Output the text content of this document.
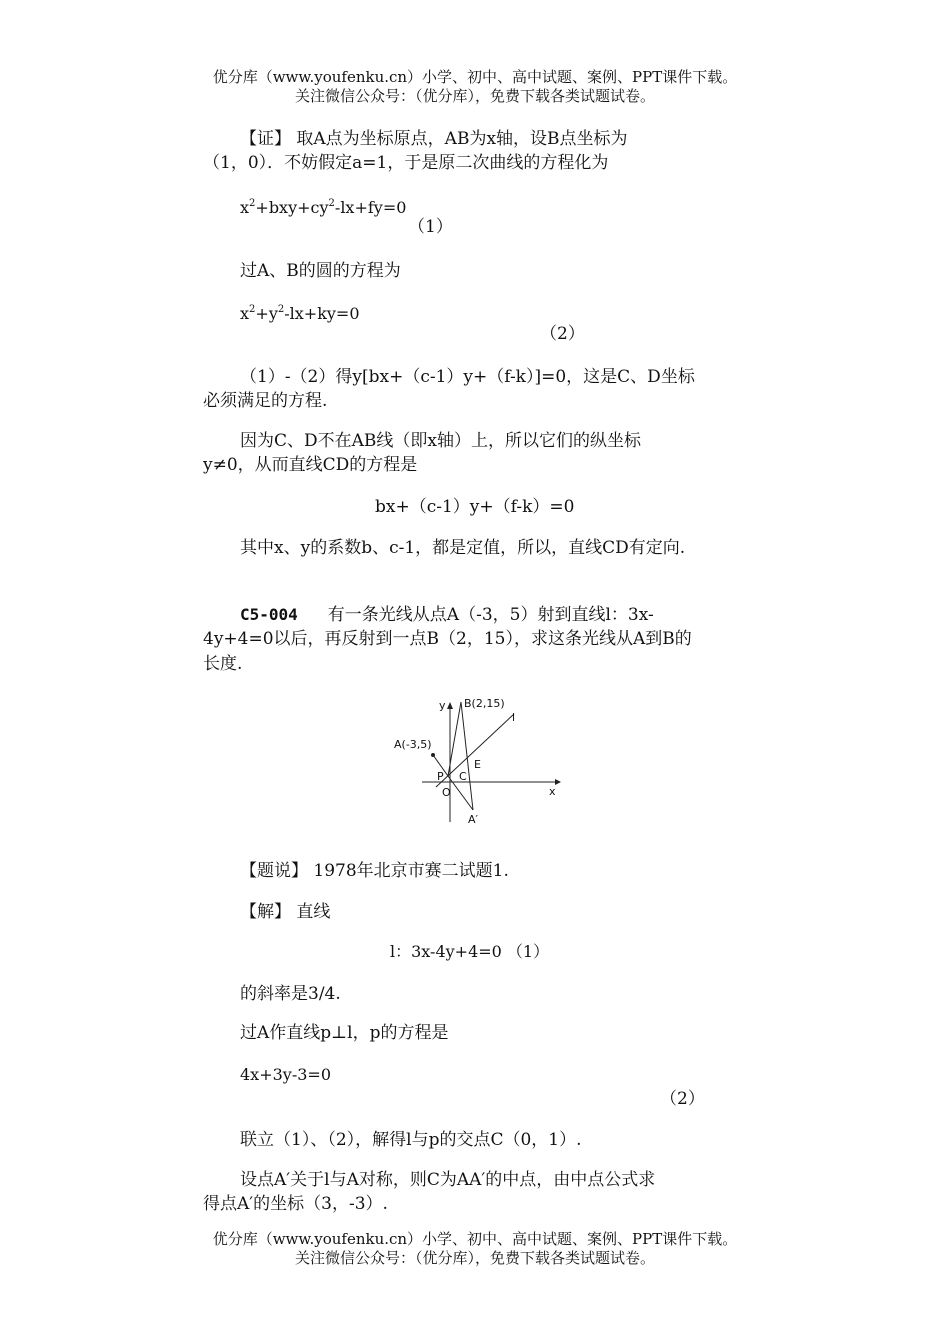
优分库（www.youfenku.cn）小学、初中、高中试题、案例、PPT课件下载。
关注微信公众号：（优分库），免费下载各类试题试卷。
【证】 取A点为坐标原点，AB为x轴，设B点坐标为
（1，0）．不妨假定a=1，于是原二次曲线的方程化为
$x^2+bxy+cy^2-lx+fy=0$
（1）
过A、B的圆的方程为
$x^2+y^2-lx+ky=0$
（2）
（1）-（2）得y[bx+（c-1）y+（f-k）]=0，这是C、D坐标
必须满足的方程.
因为C、D不在AB线（即x轴）上，所以它们的纵坐标
y≠0，从而直线CD的方程是
bx+（c-1）y+（f-k）=0
其中x、y的系数b、c-1，都是定值，所以，直线CD有定向.
C5-004 有一条光线从点A（-3，5）射到直线l：3x-
4y+4=0以后，再反射到一点B（2，15），求这条光线从A到B的
长度.
y
x
B(2,15)
l
A(-3,5)
E
P C
O
A′
【题说】 1978年北京市赛二试题1.
【解】 直线
l：3x-4y+4=0 （1）
的斜率是3/4.
过A作直线p⊥l，p的方程是
4x+3y-3=0
（2）
联立（1）、（2），解得l与p的交点C（0，1）.
设点A′关于l与A对称，则C为AA′的中点，由中点公式求
得点A′的坐标（3，-3）.
优分库（www.youfenku.cn）小学、初中、高中试题、案例、PPT课件下载。
关注微信公众号：（优分库），免费下载各类试题试卷。
